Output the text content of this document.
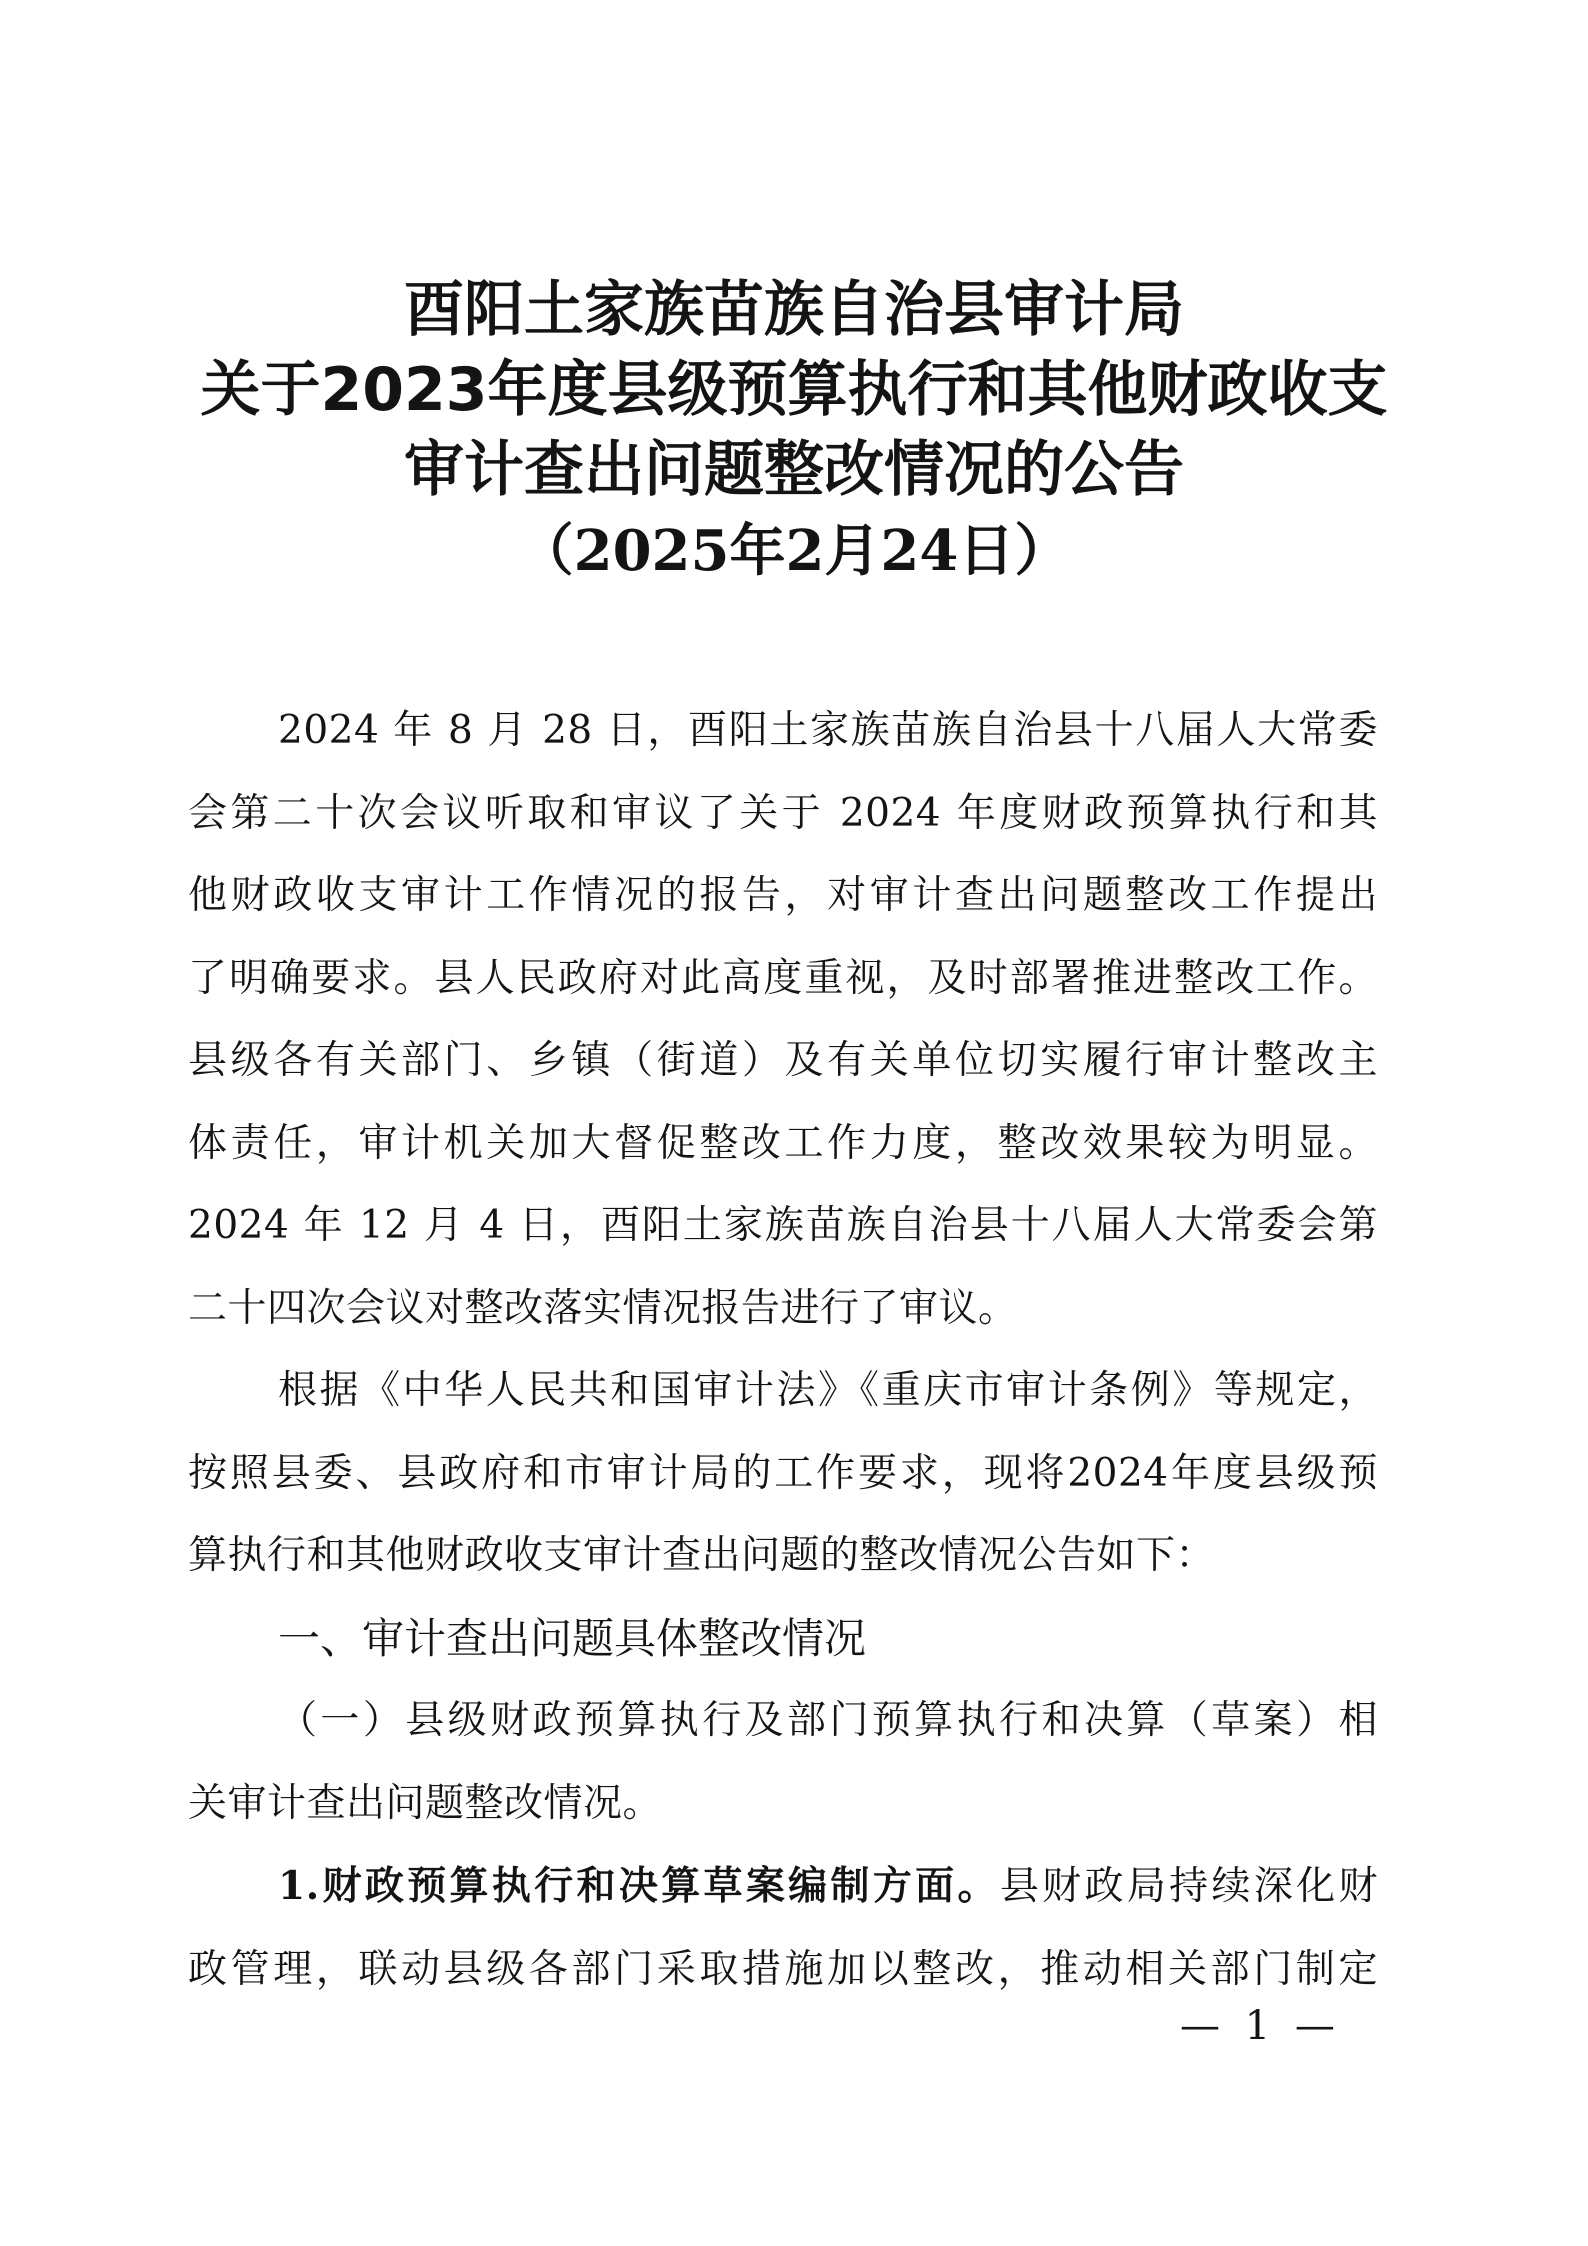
酉阳土家族苗族自治县审计局
关于2023年度县级预算执行和其他财政收支
审计查出问题整改情况的公告
（2025年2月24日）

2024 年 8 月 28 日，酉阳土家族苗族自治县十八届人大常委

会第二十次会议听取和审议了关于 2024 年度财政预算执行和其

他财政收支审计工作情况的报告，对审计查出问题整改工作提出

了明确要求。县人民政府对此高度重视，及时部署推进整改工作。

县级各有关部门、乡镇（街道）及有关单位切实履行审计整改主

体责任，审计机关加大督促整改工作力度，整改效果较为明显。

2024 年 12 月 4 日，酉阳土家族苗族自治县十八届人大常委会第

二十四次会议对整改落实情况报告进行了审议。

根据《中华人民共和国审计法》《重庆市审计条例》等规定，

按照县委、县政府和市审计局的工作要求，现将2024年度县级预

算执行和其他财政收支审计查出问题的整改情况公告如下：

一、审计查出问题具体整改情况

（一）县级财政预算执行及部门预算执行和决算（草案）相

关审计查出问题整改情况。

1.财政预算执行和决算草案编制方面。县财政局持续深化财

政管理，联动县级各部门采取措施加以整改，推动相关部门制定

— 1 —
